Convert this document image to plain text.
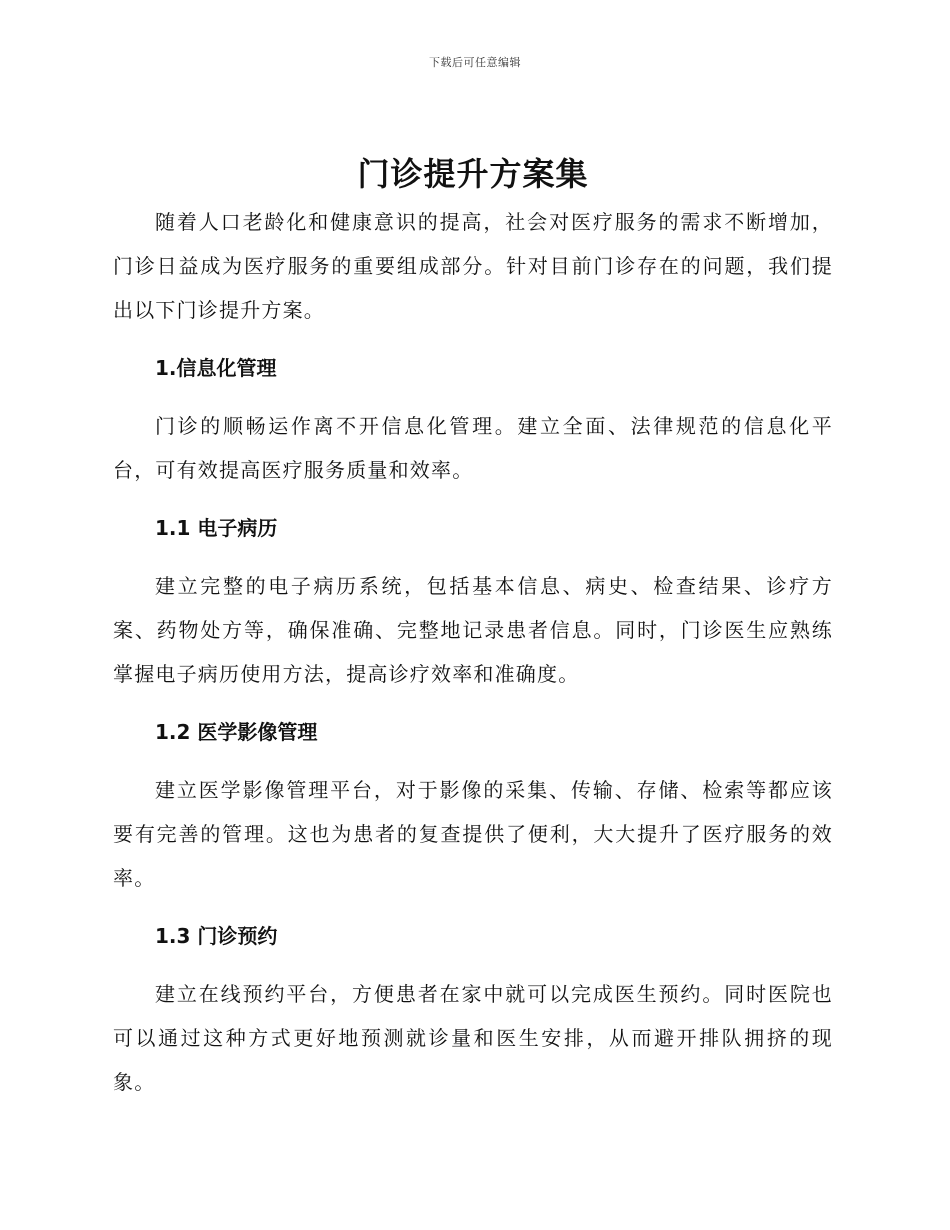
下载后可任意编辑
门诊提升方案集

随着人口老龄化和健康意识的提高，社会对医疗服务的需求不断增加，门诊日益成为医疗服务的重要组成部分。针对目前门诊存在的问题，我们提出以下门诊提升方案。

1.信息化管理

门诊的顺畅运作离不开信息化管理。建立全面、法律规范的信息化平台，可有效提高医疗服务质量和效率。

1.1 电子病历

建立完整的电子病历系统，包括基本信息、病史、检查结果、诊疗方案、药物处方等，确保准确、完整地记录患者信息。同时，门诊医生应熟练掌握电子病历使用方法，提高诊疗效率和准确度。

1.2 医学影像管理

建立医学影像管理平台，对于影像的采集、传输、存储、检索等都应该要有完善的管理。这也为患者的复查提供了便利，大大提升了医疗服务的效率。

1.3 门诊预约

建立在线预约平台，方便患者在家中就可以完成医生预约。同时医院也可以通过这种方式更好地预测就诊量和医生安排，从而避开排队拥挤的现象。
